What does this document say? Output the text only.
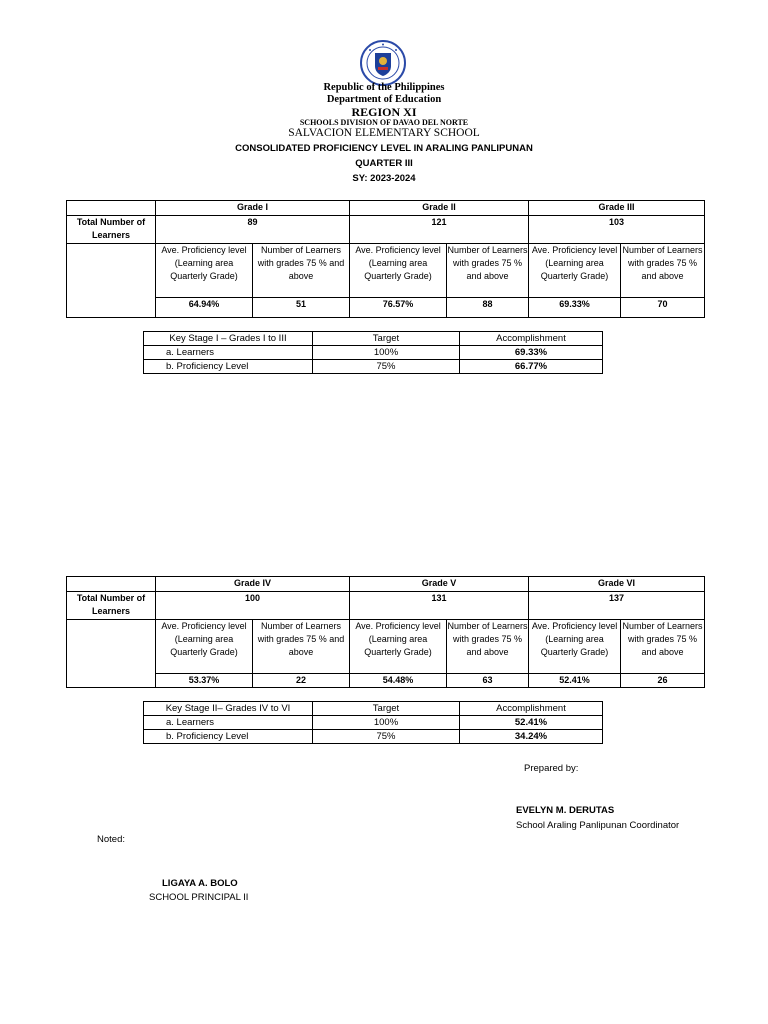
Republic of the Philippines
Department of Education
REGION XI
SCHOOLS DIVISION OF DAVAO DEL NORTE
SALVACION ELEMENTARY SCHOOL
CONSOLIDATED PROFICIENCY LEVEL IN ARALING PANLIPUNAN
QUARTER III
SY: 2023-2024
	Grade I		Grade II		Grade III	
Total Number of Learners	89		121		103	
	Ave. Proficiency level (Learning area Quarterly Grade)	Number of Learners with grades 75 % and above	Ave. Proficiency level (Learning area Quarterly Grade)	Number of Learners with grades 75 % and above	Ave. Proficiency level (Learning area Quarterly Grade)	Number of Learners with grades 75 % and above
	64.94%	51	76.57%	88	69.33%	70
Key Stage I – Grades I to III	Target	Accomplishment
a. Learners	100%	69.33%
b. Proficiency Level	75%	66.77%
	Grade IV		Grade V		Grade VI	
Total Number of Learners	100		131		137	
	Ave. Proficiency level (Learning area Quarterly Grade)	Number of Learners with grades 75 % and above	Ave. Proficiency level (Learning area Quarterly Grade)	Number of Learners with grades 75 % and above	Ave. Proficiency level (Learning area Quarterly Grade)	Number of Learners with grades 75 % and above
	53.37%	22	54.48%	63	52.41%	26
Key Stage II– Grades IV to VI	Target	Accomplishment
a. Learners	100%	52.41%
b. Proficiency Level	75%	34.24%
Prepared by:
EVELYN M. DERUTAS
School Araling Panlipunan Coordinator
Noted:
LIGAYA A. BOLO
SCHOOL PRINCIPAL II
